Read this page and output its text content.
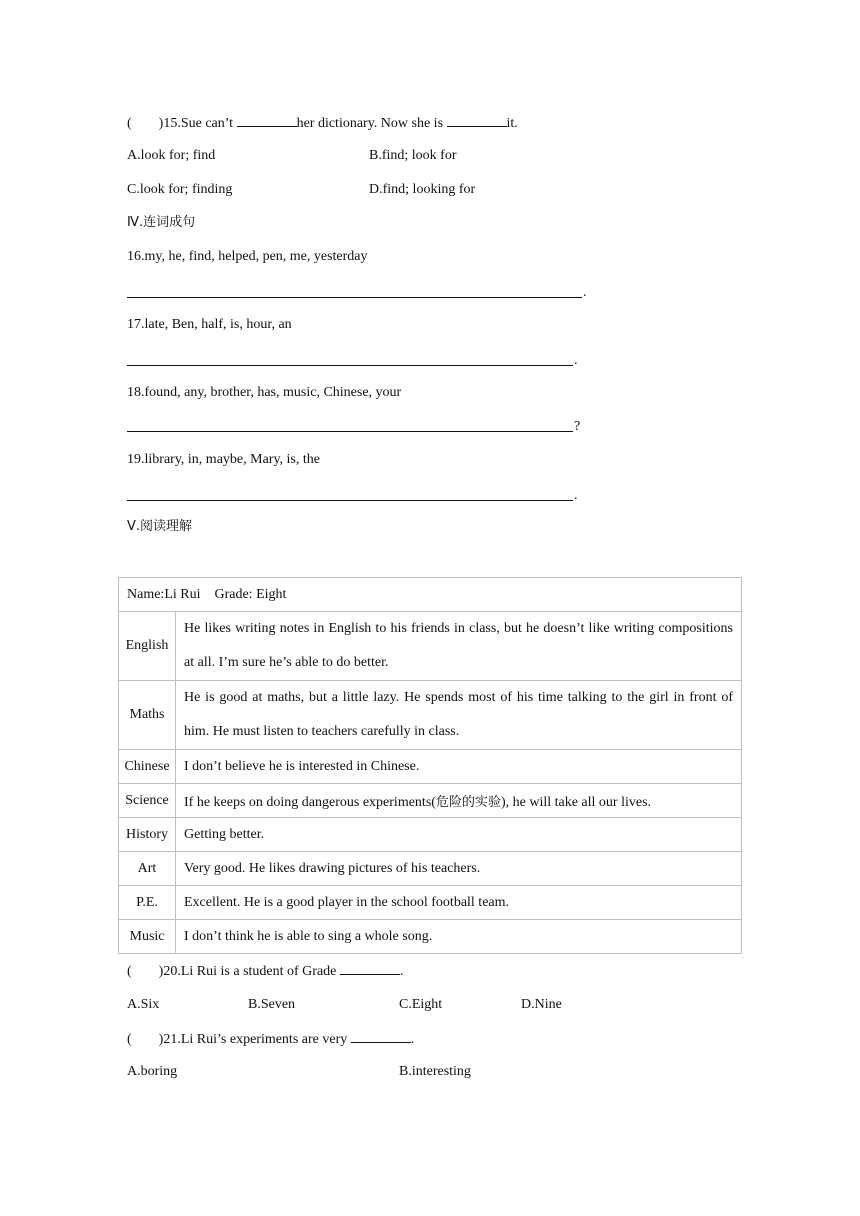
( )15.Sue can’t	her dictionary. Now she is	it.
A.look for; find	B.find; look for
C.look for; finding	D.find; looking for
Ⅳ.连词成句
16.my, he, find, helped, pen, me, yesterday
.
17.late, Ben, half, is, hour, an
.
18.found, any, brother, has, music, Chinese, your
?
19.library, in, maybe, Mary, is, the
.
Ⅴ.阅读理解
Name:Li Rui    Grade: Eight	
English	He likes writing notes in English to his friends in class, but he doesn’t like writing compositions at all. I’m sure he’s able to do better.
Maths	He is good at maths, but a little lazy. He spends most of his time talking to the girl in front of him. He must listen to teachers carefully in class.
Chinese	I don’t believe he is interested in Chinese.
Science	If he keeps on doing dangerous experiments(危险的实验), he will take all our lives.
History	Getting better.
Art	Very good. He likes drawing pictures of his teachers.
P.E.	Excellent. He is a good player in the school football team.
Music	I don’t think he is able to sing a whole song.
( )20.Li Rui is a student of Grade	.
A.Six	B.Seven	C.Eight	D.Nine
( )21.Li Rui’s experiments are very	.
A.boring	B.interesting
